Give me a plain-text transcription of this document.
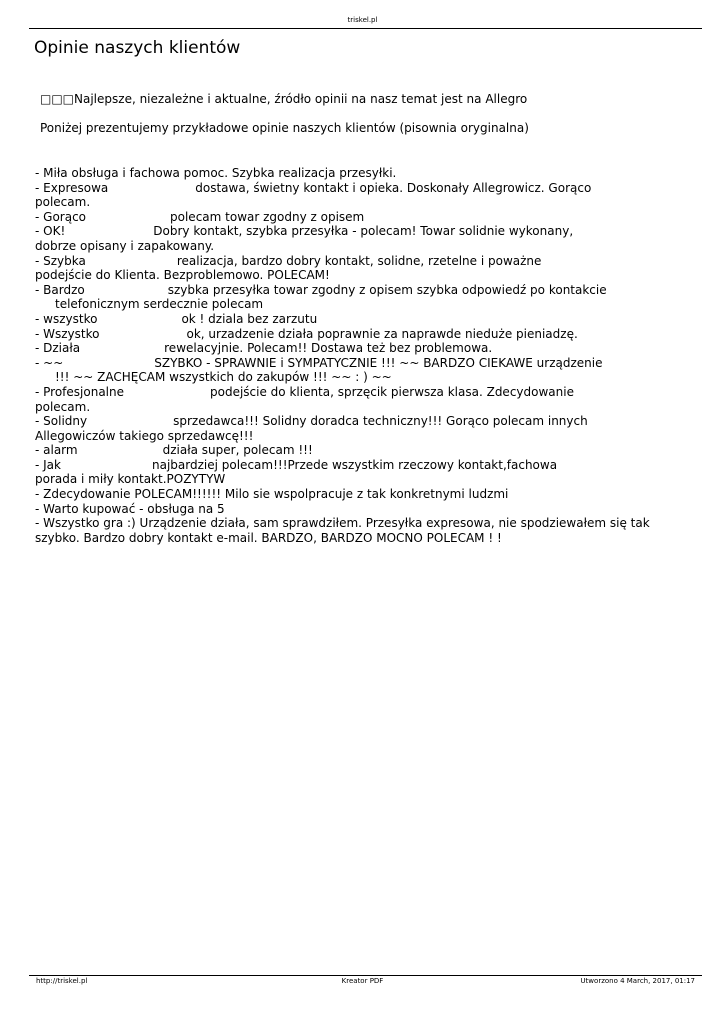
triskel.pl
Opinie naszych klientów
□□□Najlepsze, niezależne i aktualne, źródło opinii na nasz temat jest na Allegro
Poniżej prezentujemy przykładowe opinie naszych klientów (pisownia oryginalna)
- Miła obsługa i fachowa pomoc. Szybka realizacja przesyłki.
- Expresowa	dostawa, świetny kontakt i opieka. Doskonały Allegrowicz. Gorąco
polecam.
- Gorąco	polecam towar zgodny z opisem
- OK!	Dobry kontakt, szybka przesyłka - polecam! Towar solidnie wykonany,
dobrze opisany i zapakowany.
- Szybka	realizacja, bardzo dobry kontakt, solidne, rzetelne i poważne
podejście do Klienta. Bezproblemowo. POLECAM!
- Bardzo	szybka przesyłka towar zgodny z opisem szybka odpowiedź po kontakcie
telefonicznym serdecznie polecam
- wszystko	ok ! dziala bez zarzutu
- Wszystko	ok, urzadzenie działa poprawnie za naprawde nieduże pieniadzę.
- Działa	rewelacyjnie. Polecam!! Dostawa też bez problemowa.
- ~~	SZYBKO - SPRAWNIE i SYMPATYCZNIE !!! ~~ BARDZO CIEKAWE urządzenie
!!! ~~ ZACHĘCAM wszystkich do zakupów !!! ~~ : ) ~~
- Profesjonalne	podejście do klienta, sprzęcik pierwsza klasa. Zdecydowanie
polecam.
- Solidny	sprzedawca!!! Solidny doradca techniczny!!! Gorąco polecam innych
Allegowiczów takiego sprzedawcę!!!
- alarm	działa super, polecam !!!
- Jak	najbardziej polecam!!!Przede wszystkim rzeczowy kontakt,fachowa
porada i miły kontakt.POZYTYW
- Zdecydowanie POLECAM!!!!!! Milo sie wspolpracuje z tak konkretnymi ludzmi
- Warto kupować - obsługa na 5
- Wszystko gra :) Urządzenie działa, sam sprawdziłem. Przesyłka expresowa, nie spodziewałem się tak
szybko. Bardzo dobry kontakt e-mail. BARDZO, BARDZO MOCNO POLECAM ! !
http://triskel.pl	Kreator PDF	Utworzono 4 March, 2017, 01:17
